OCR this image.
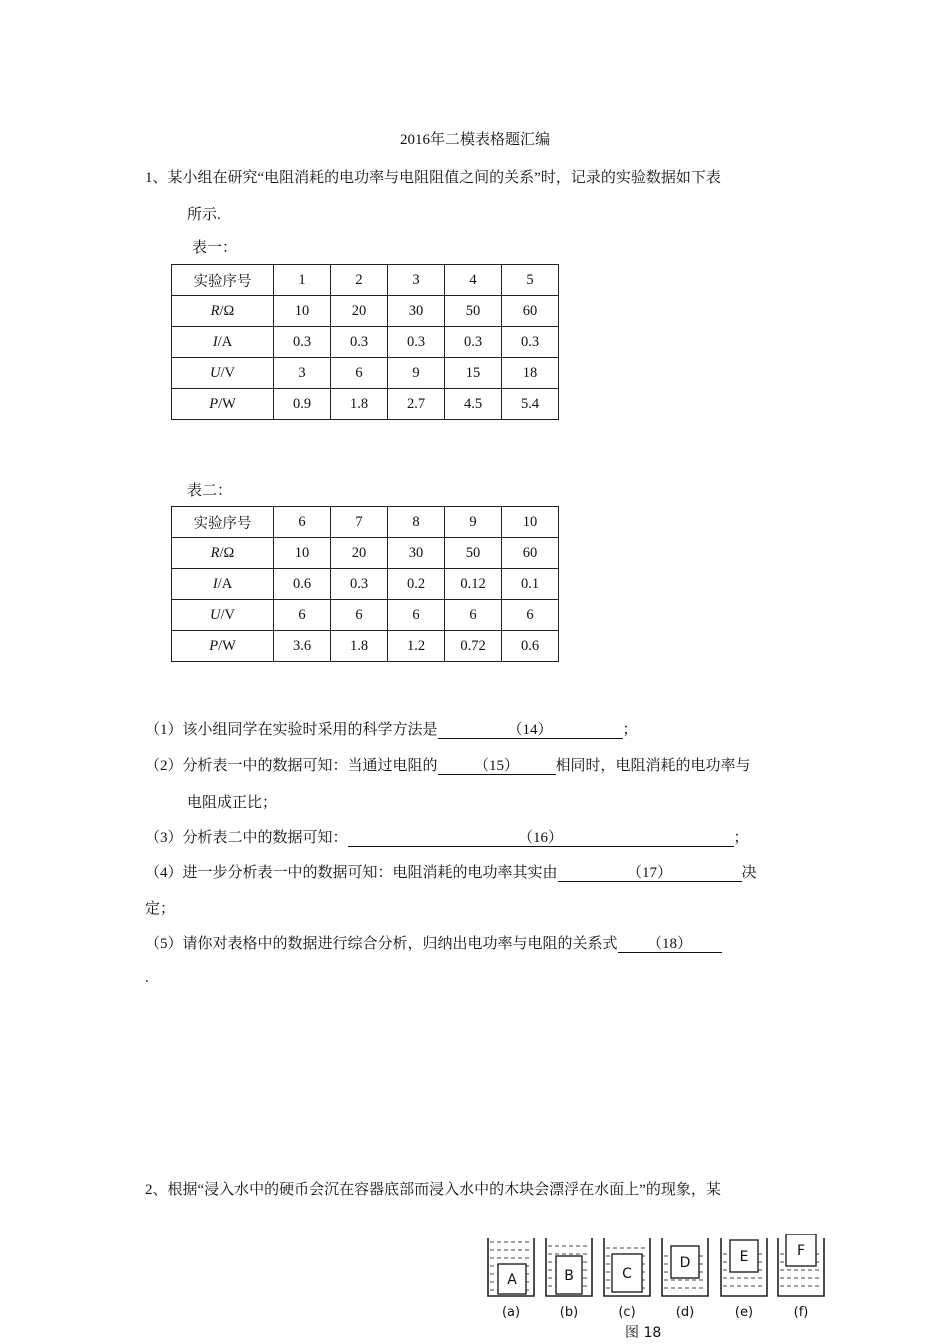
2016年二模表格题汇编
1、某小组在研究“电阻消耗的电功率与电阻阻值之间的关系”时，记录的实验数据如下表
所示.
表一：
实验序号	1	2	3	4	5
R/Ω	10	20	30	50	60
I/A	0.3	0.3	0.3	0.3	0.3
U/V	3	6	9	15	18
P/W	0.9	1.8	2.7	4.5	5.4
表二：
实验序号	6	7	8	9	10
R/Ω	10	20	30	50	60
I/A	0.6	0.3	0.2	0.12	0.1
U/V	6	6	6	6	6
P/W	3.6	1.8	1.2	0.72	0.6
（1）该小组同学在实验时采用的科学方法是	（14）	；
（2）分析表一中的数据可知：当通过电阻的 （15） 相同时，电阻消耗的电功率与
电阻成正比；
（3）分析表二中的数据可知：	（16）	；
（4）进一步分析表一中的数据可知：电阻消耗的电功率其实由	（17）	决
定；
（5）请你对表格中的数据进行综合分析，归纳出电功率与电阻的关系式 （18）
.
2、根据“浸入水中的硬币会沉在容器底部而浸入水中的木块会漂浮在水面上”的现象，某
A
(a)
B
(b)
C
(c)
D
(d)
E
(e)
F
(f)
图 18
